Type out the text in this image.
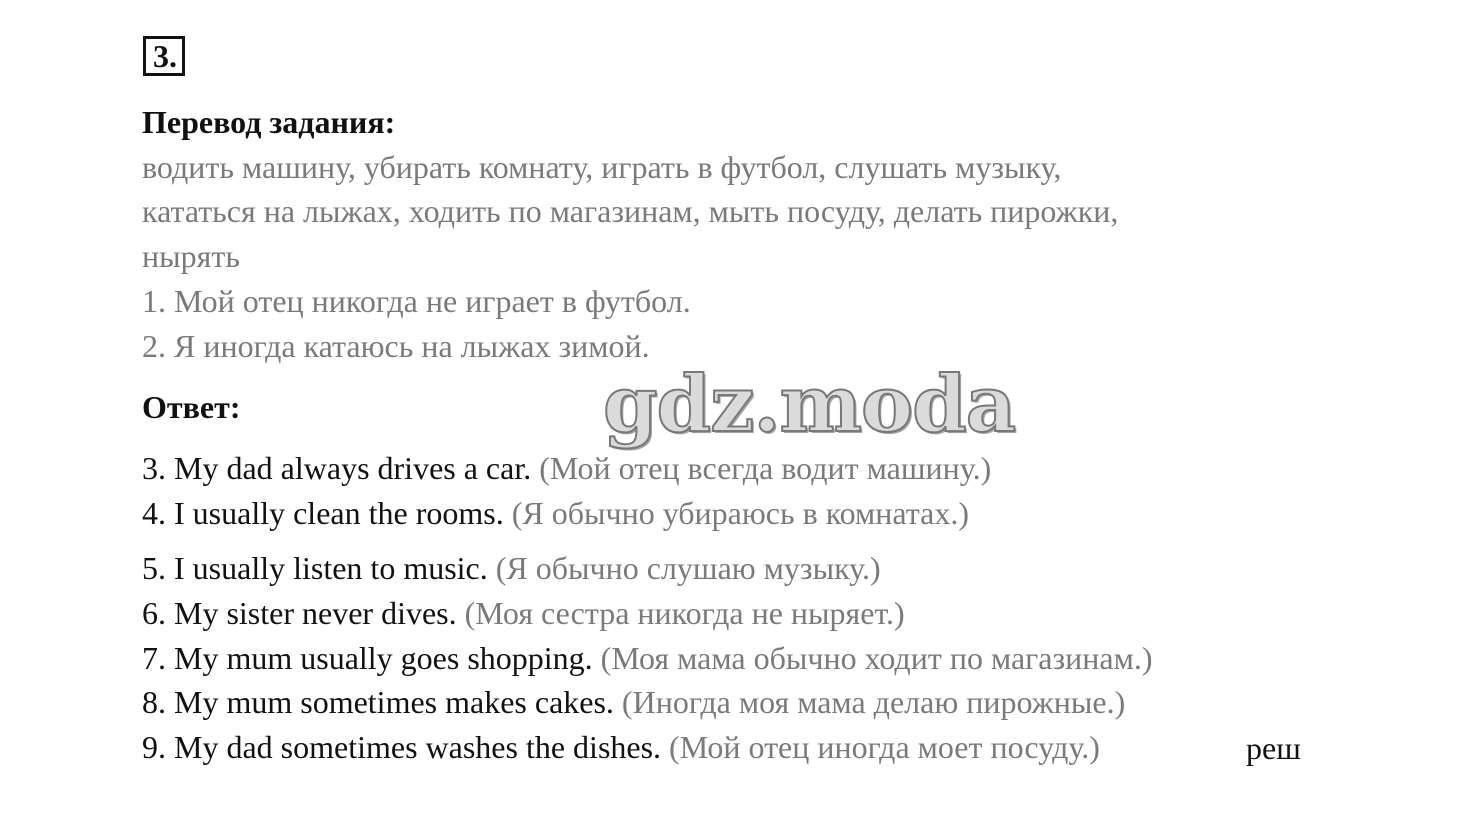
3.
Перевод задания:
водить машину, убирать комнату, играть в футбол, слушать музыку,
кататься на лыжах, ходить по магазинам, мыть посуду, делать пирожки,
нырять
1. Мой отец никогда не играет в футбол.
2. Я иногда катаюсь на лыжах зимой.
Ответ:
3. My dad always drives a car. (Мой отец всегда водит машину.)
4. I usually clean the rooms. (Я обычно убираюсь в комнатах.)
5. I usually listen to music. (Я обычно слушаю музыку.)
6. My sister never dives. (Моя сестра никогда не ныряет.)
7. My mum usually goes shopping. (Моя мама обычно ходит по магазинам.)
8. My mum sometimes makes cakes. (Иногда моя мама делаю пирожные.)
9. My dad sometimes washes the dishes. (Мой отец иногда моет посуду.)
gdz.moda
реш
